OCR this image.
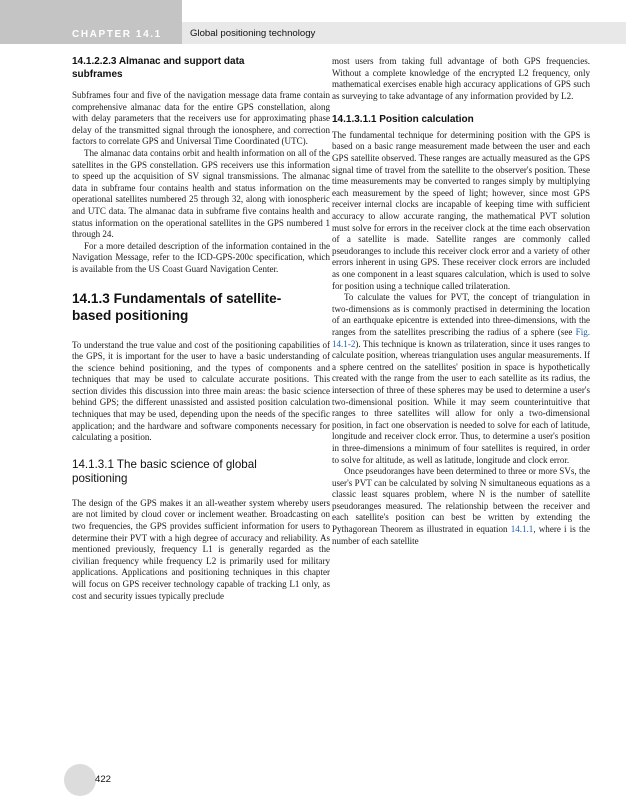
CHAPTER 14.1	Global positioning technology
14.1.2.2.3 Almanac and support data subframes

Subframes four and five of the navigation message data frame contain comprehensive almanac data for the entire GPS constellation, along with delay parameters that the receivers use for approximating phase delay of the transmitted signal through the ionosphere, and correction factors to correlate GPS and Universal Time Coordinated (UTC).

The almanac data contains orbit and health information on all of the satellites in the GPS constellation. GPS receivers use this information to speed up the acquisition of SV signal transmissions. The almanac data in subframe four contains health and status information on the operational satellites numbered 25 through 32, along with ionospheric and UTC data. The almanac data in subframe five contains health and status information on the operational satellites in the GPS numbered 1 through 24.

For a more detailed description of the information contained in the Navigation Message, refer to the ICD-GPS-200c specification, which is available from the US Coast Guard Navigation Center.

14.1.3 Fundamentals of satellite-based positioning

To understand the true value and cost of the positioning capabilities of the GPS, it is important for the user to have a basic understanding of the science behind positioning, and the types of components and techniques that may be used to calculate accurate positions. This section divides this discussion into three main areas: the basic science behind GPS; the different unassisted and assisted position calculation techniques that may be used, depending upon the needs of the specific application; and the hardware and software components necessary for calculating a position.

14.1.3.1 The basic science of global positioning

The design of the GPS makes it an all-weather system whereby users are not limited by cloud cover or inclement weather. Broadcasting on two frequencies, the GPS provides sufficient information for users to determine their PVT with a high degree of accuracy and reliability. As mentioned previously, frequency L1 is generally regarded as the civilian frequency while frequency L2 is primarily used for military applications. Applications and positioning techniques in this chapter will focus on GPS receiver technology capable of tracking L1 only, as cost and security issues typically preclude

most users from taking full advantage of both GPS frequencies. Without a complete knowledge of the encrypted L2 frequency, only mathematical exercises enable high accuracy applications of GPS such as surveying to take advantage of any information provided by L2.

14.1.3.1.1 Position calculation

The fundamental technique for determining position with the GPS is based on a basic range measurement made between the user and each GPS satellite observed. These ranges are actually measured as the GPS signal time of travel from the satellite to the observer's position. These time measurements may be converted to ranges simply by multiplying each measurement by the speed of light; however, since most GPS receiver internal clocks are incapable of keeping time with sufficient accuracy to allow accurate ranging, the mathematical PVT solution must solve for errors in the receiver clock at the time each observation of a satellite is made. Satellite ranges are commonly called pseudoranges to include this receiver clock error and a variety of other errors inherent in using GPS. These receiver clock errors are included as one component in a least squares calculation, which is used to solve for position using a technique called trilateration.

To calculate the values for PVT, the concept of triangulation in two-dimensions as is commonly practised in determining the location of an earthquake epicentre is extended into three-dimensions, with the ranges from the satellites prescribing the radius of a sphere (see Fig. 14.1-2). This technique is known as trilateration, since it uses ranges to calculate position, whereas triangulation uses angular measurements. If a sphere centred on the satellites' position in space is hypothetically created with the range from the user to each satellite as its radius, the intersection of three of these spheres may be used to determine a user's two-dimensional position. While it may seem counterintuitive that ranges to three satellites will allow for only a two-dimensional position, in fact one observation is needed to solve for each of latitude, longitude and receiver clock error. Thus, to determine a user's position in three-dimensions a minimum of four satellites is required, in order to solve for altitude, as well as latitude, longitude and clock error.

Once pseudoranges have been determined to three or more SVs, the user's PVT can be calculated by solving N simultaneous equations as a classic least squares problem, where N is the number of satellite pseudoranges measured. The relationship between the receiver and each satellite's position can best be written by extending the Pythagorean Theorem as illustrated in equation 14.1.1, where i is the number of each satellite

422
